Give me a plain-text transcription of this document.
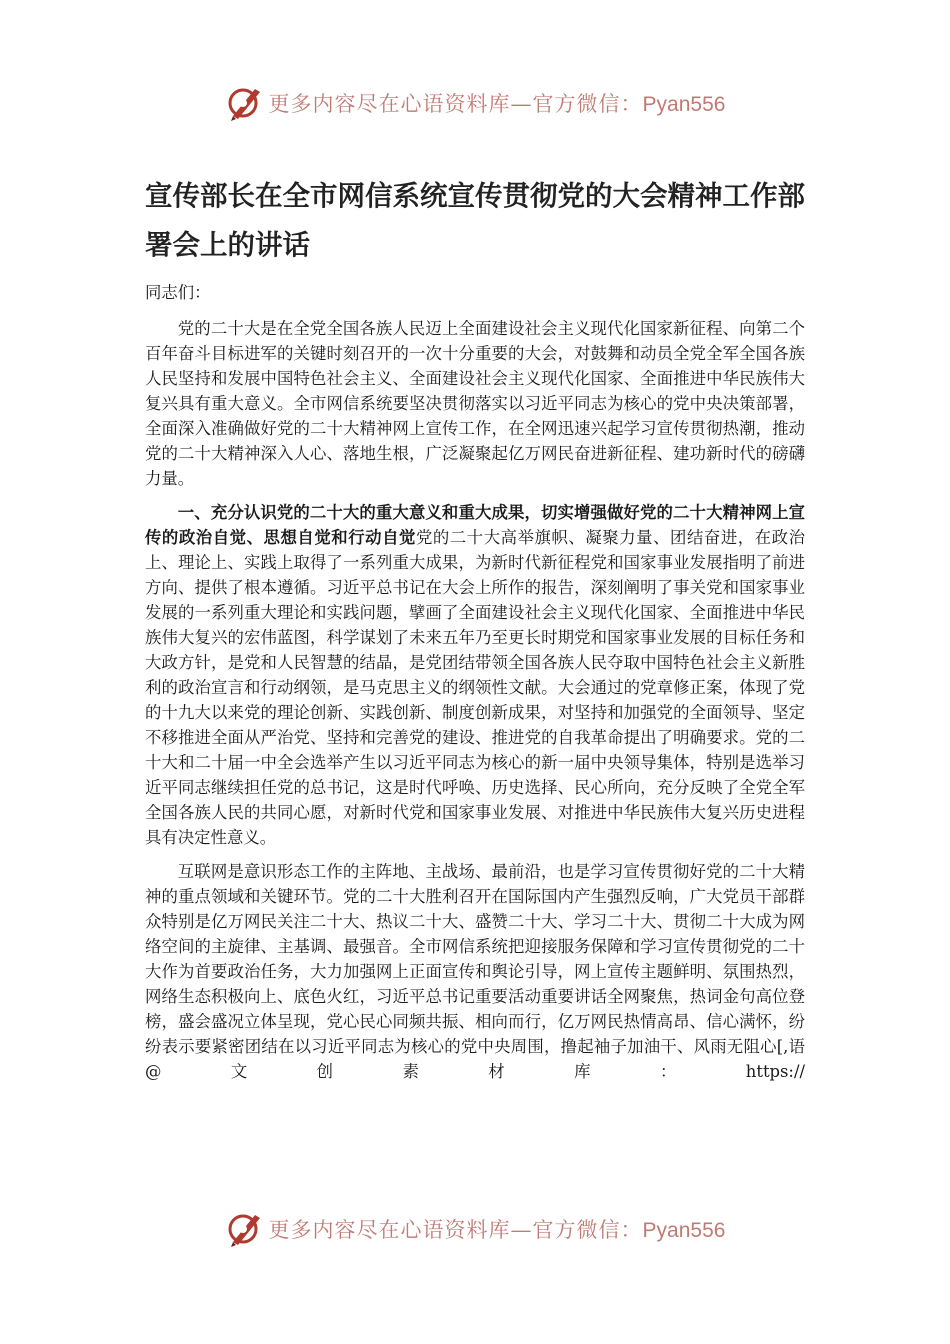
更多内容尽在心语资料库—官方微信：Pyan556
宣传部长在全市网信系统宣传贯彻党的大会精神工作部署会上的讲话

同志们：

党的二十大是在全党全国各族人民迈上全面建设社会主义现代化国家新征程、向第二个百年奋斗目标进军的关键时刻召开的一次十分重要的大会，对鼓舞和动员全党全军全国各族人民坚持和发展中国特色社会主义、全面建设社会主义现代化国家、全面推进中华民族伟大复兴具有重大意义。全市网信系统要坚决贯彻落实以习近平同志为核心的党中央决策部署，全面深入准确做好党的二十大精神网上宣传工作，在全网迅速兴起学习宣传贯彻热潮，推动党的二十大精神深入人心、落地生根，广泛凝聚起亿万网民奋进新征程、建功新时代的磅礴力量。

一、充分认识党的二十大的重大意义和重大成果，切实增强做好党的二十大精神网上宣传的政治自觉、思想自觉和行动自觉党的二十大高举旗帜、凝聚力量、团结奋进，在政治上、理论上、实践上取得了一系列重大成果，为新时代新征程党和国家事业发展指明了前进方向、提供了根本遵循。习近平总书记在大会上所作的报告，深刻阐明了事关党和国家事业发展的一系列重大理论和实践问题，擘画了全面建设社会主义现代化国家、全面推进中华民族伟大复兴的宏伟蓝图，科学谋划了未来五年乃至更长时期党和国家事业发展的目标任务和大政方针，是党和人民智慧的结晶，是党团结带领全国各族人民夺取中国特色社会主义新胜利的政治宣言和行动纲领，是马克思主义的纲领性文献。大会通过的党章修正案，体现了党的十九大以来党的理论创新、实践创新、制度创新成果，对坚持和加强党的全面领导、坚定不移推进全面从严治党、坚持和完善党的建设、推进党的自我革命提出了明确要求。党的二十大和二十届一中全会选举产生以习近平同志为核心的新一届中央领导集体，特别是选举习近平同志继续担任党的总书记，这是时代呼唤、历史选择、民心所向，充分反映了全党全军全国各族人民的共同心愿，对新时代党和国家事业发展、对推进中华民族伟大复兴历史进程具有决定性意义。

互联网是意识形态工作的主阵地、主战场、最前沿，也是学习宣传贯彻好党的二十大精神的重点领域和关键环节。党的二十大胜利召开在国际国内产生强烈反响，广大党员干部群众特别是亿万网民关注二十大、热议二十大、盛赞二十大、学习二十大、贯彻二十大成为网络空间的主旋律、主基调、最强音。全市网信系统把迎接服务保障和学习宣传贯彻党的二十大作为首要政治任务，大力加强网上正面宣传和舆论引导，网上宣传主题鲜明、氛围热烈，网络生态积极向上、底色火红，习近平总书记重要活动重要讲话全网聚焦，热词金句高位登榜，盛会盛况立体呈现，党心民心同频共振、相向而行，亿万网民热情高昂、信心满怀，纷纷表示要紧密团结在以习近平同志为核心的党中央周围，撸起袖子加油干、风雨无阻心[,语@文创素材库：https://

更多内容尽在心语资料库—官方微信：Pyan556
